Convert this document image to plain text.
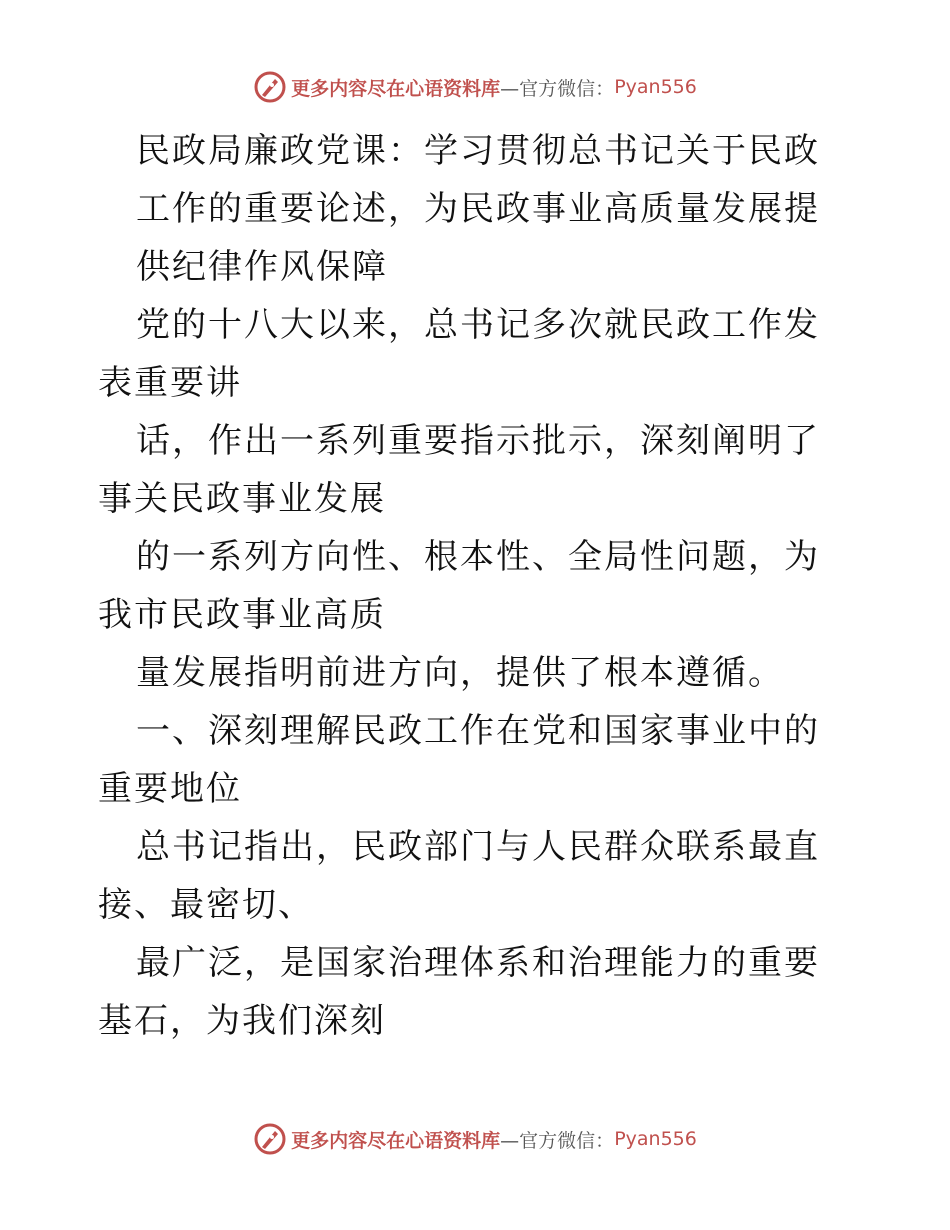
更多内容尽在心语资料库 —官方微信： Pyan556

民政局廉政党课：学习贯彻总书记关于民政

工作的重要论述，为民政事业高质量发展提

供纪律作风保障

党的十八大以来，总书记多次就民政工作发表重要讲

话，作出一系列重要指示批示，深刻阐明了事关民政事业发展

的一系列方向性、根本性、全局性问题，为我市民政事业高质

量发展指明前进方向，提供了根本遵循。

一、深刻理解民政工作在党和国家事业中的重要地位

总书记指出，民政部门与人民群众联系最直接、最密切、

最广泛，是国家治理体系和治理能力的重要基石，为我们深刻

更多内容尽在心语资料库 —官方微信： Pyan556
